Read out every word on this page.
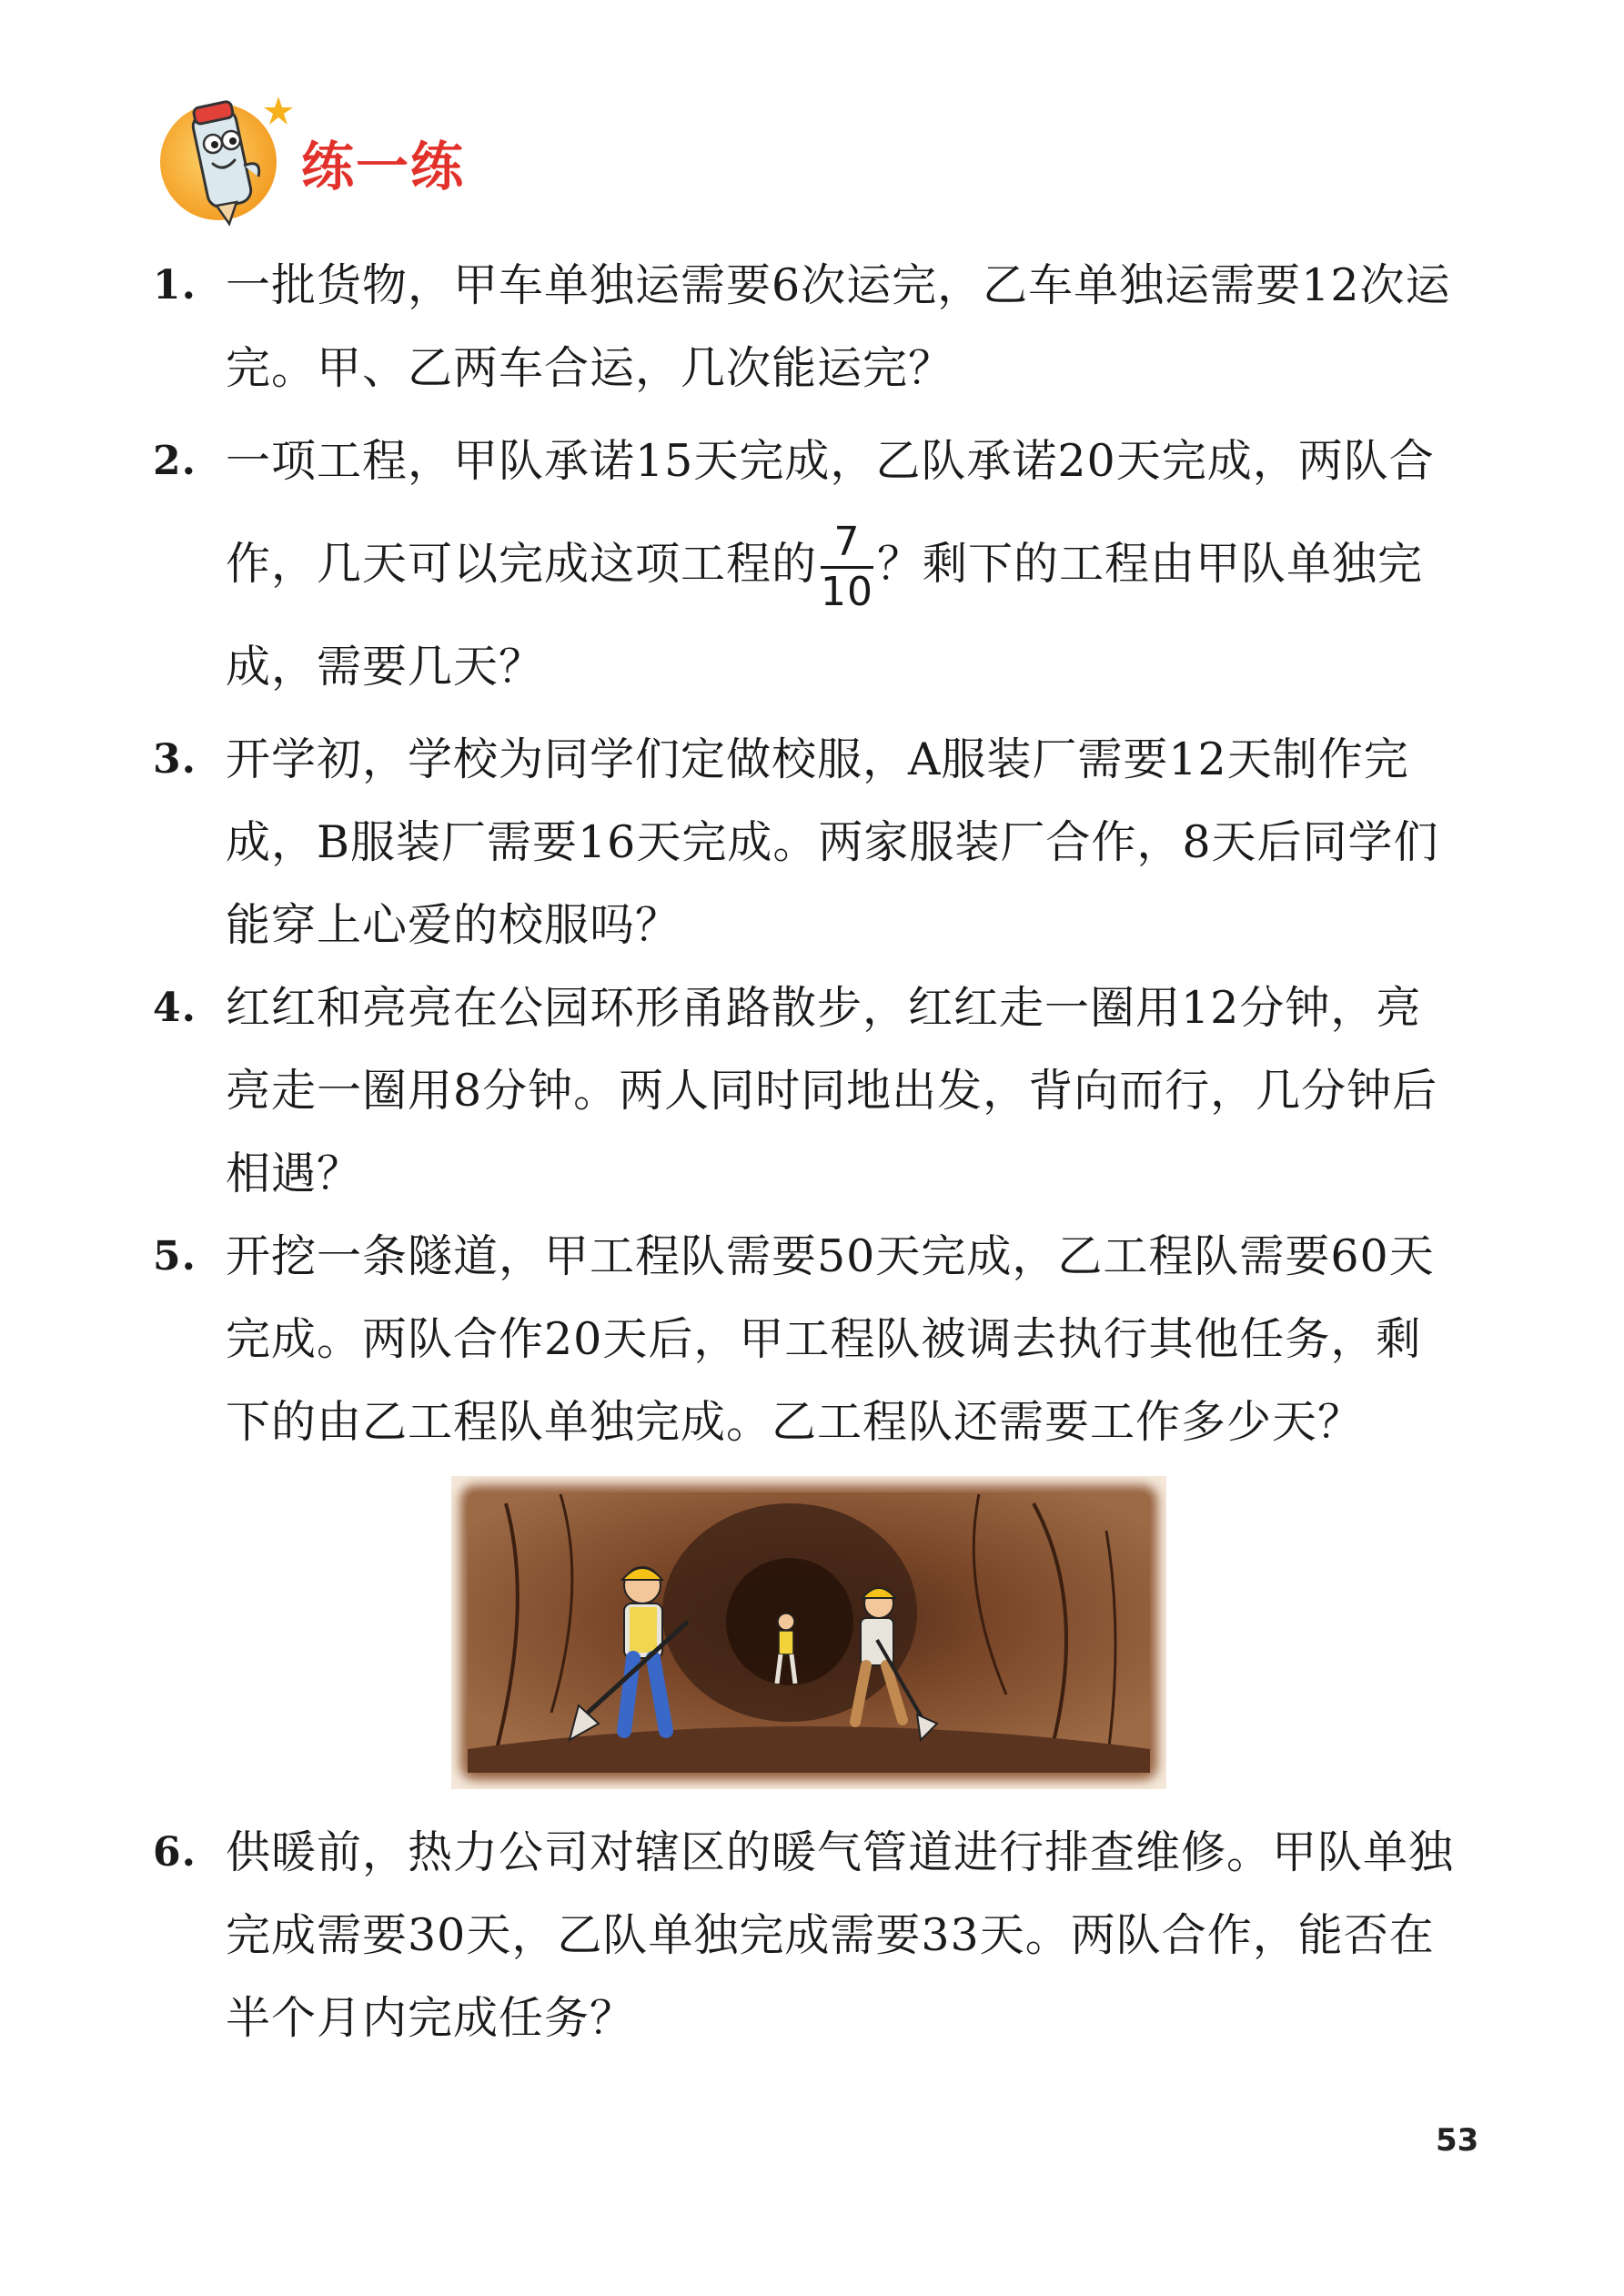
练一练
1. 一批货物，甲车单独运需要6次运完，乙车单独运需要12次运完。甲、乙两车合运，几次能运完？
2. 一项工程，甲队承诺15天完成，乙队承诺20天完成，两队合作，几天可以完成这项工程的 $\frac{7}{10}$ ？剩下的工程由甲队单独完成，需要几天？
3. 开学初，学校为同学们定做校服，A服装厂需要12天制作完成，B服装厂需要16天完成。两家服装厂合作，8天后同学们能穿上心爱的校服吗？
4. 红红和亮亮在公园环形甬路散步，红红走一圈用12分钟，亮亮走一圈用8分钟。两人同时同地出发，背向而行，几分钟后相遇？
5. 开挖一条隧道，甲工程队需要50天完成，乙工程队需要60天完成。两队合作20天后，甲工程队被调去执行其他任务，剩下的由乙工程队单独完成。乙工程队还需要工作多少天？
6. 供暖前，热力公司对辖区的暖气管道进行排查维修。甲队单独完成需要30天，乙队单独完成需要33天。两队合作，能否在半个月内完成任务？
53
